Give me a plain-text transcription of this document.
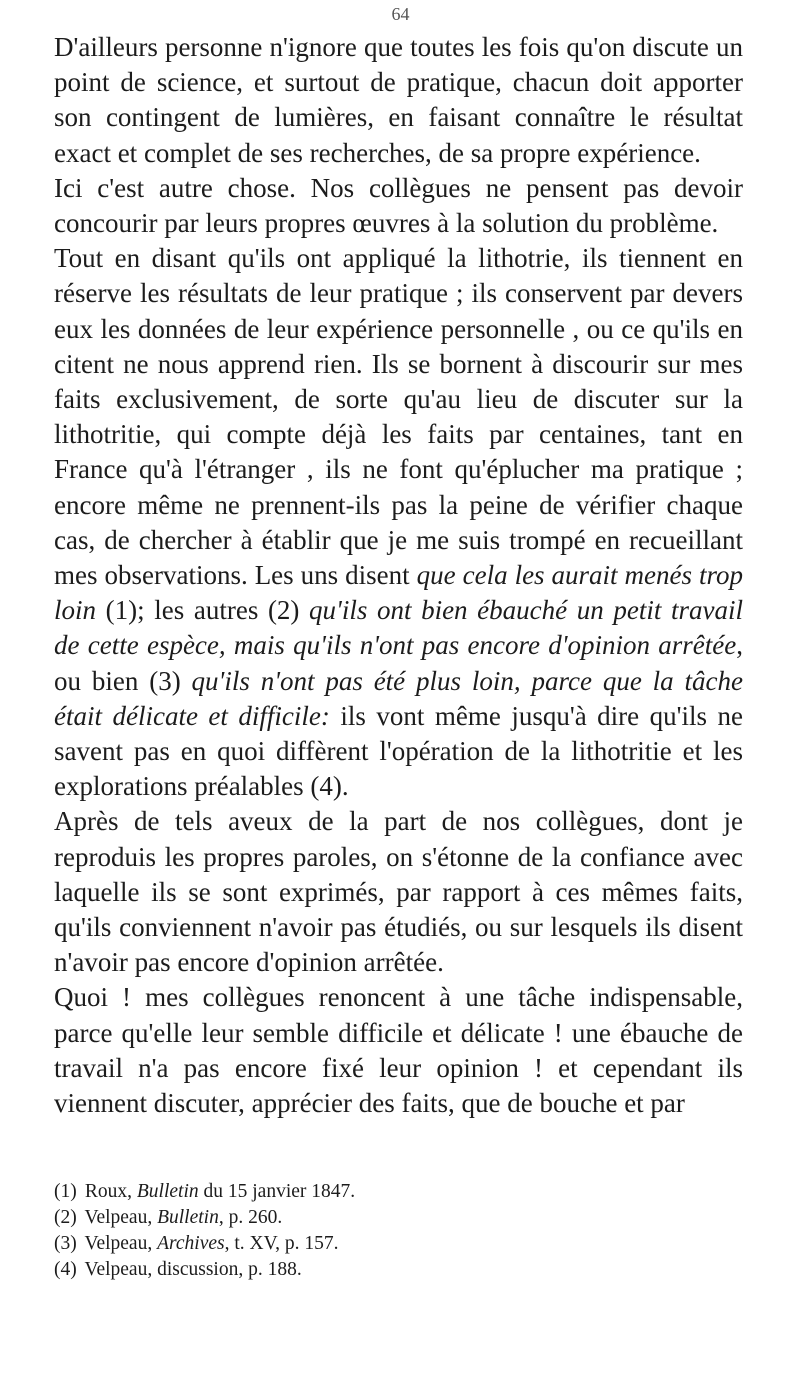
64

D'ailleurs personne n'ignore que toutes les fois qu'on discute un point de science, et surtout de pratique, chacun doit apporter son contingent de lumières, en faisant connaître le résultat exact et complet de ses recherches, de sa propre expérience.

Ici c'est autre chose. Nos collègues ne pensent pas devoir concourir par leurs propres œuvres à la solution du problème.

Tout en disant qu'ils ont appliqué la lithotrie, ils tiennent en réserve les résultats de leur pratique ; ils conservent par devers eux les données de leur expérience personnelle , ou ce qu'ils en citent ne nous apprend rien. Ils se bornent à discourir sur mes faits exclusivement, de sorte qu'au lieu de discuter sur la lithotritie, qui compte déjà les faits par centaines, tant en France qu'à l'étranger , ils ne font qu'éplucher ma pratique ; encore même ne prennent-ils pas la peine de vérifier chaque cas, de chercher à établir que je me suis trompé en recueillant mes observations. Les uns disent que cela les aurait menés trop loin (1); les autres (2) qu'ils ont bien ébauché un petit travail de cette espèce, mais qu'ils n'ont pas encore d'opinion arrêtée, ou bien (3) qu'ils n'ont pas été plus loin, parce que la tâche était délicate et difficile: ils vont même jusqu'à dire qu'ils ne savent pas en quoi diffèrent l'opération de la lithotritie et les explorations préalables (4).

Après de tels aveux de la part de nos collègues, dont je reproduis les propres paroles, on s'étonne de la confiance avec laquelle ils se sont exprimés, par rapport à ces mêmes faits, qu'ils conviennent n'avoir pas étudiés, ou sur lesquels ils disent n'avoir pas encore d'opinion arrêtée.

Quoi ! mes collègues renoncent à une tâche indispensable, parce qu'elle leur semble difficile et délicate ! une ébauche de travail n'a pas encore fixé leur opinion ! et cependant ils viennent discuter, apprécier des faits, que de bouche et par

(1) Roux, Bulletin du 15 janvier 1847.

(2) Velpeau, Bulletin, p. 260.

(3) Velpeau, Archives, t. XV, p. 157.

(4) Velpeau, discussion, p. 188.
